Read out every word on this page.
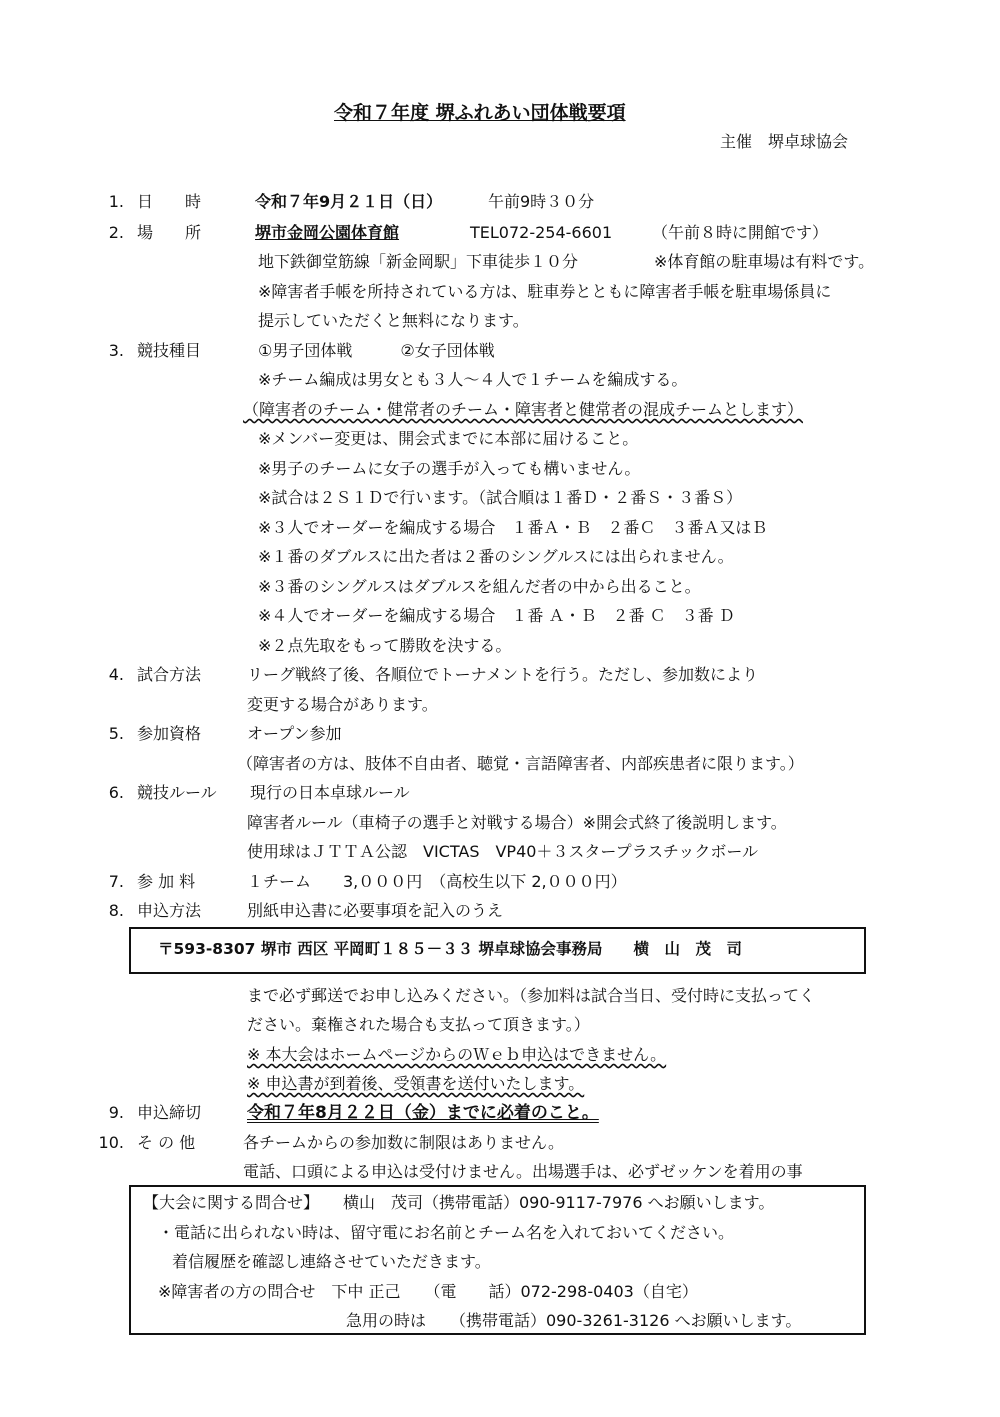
令和７年度 堺ふれあい団体戦要項
主催　堺卓球協会
1. 日　　時	令和７年9月２１日（日）	午前9時３０分
2. 場　　所	堺市金岡公園体育館	TEL072-254-6601 （午前８時に開館です）
地下鉄御堂筋線「新金岡駅」下車徒歩１０分	※体育館の駐車場は有料です。
※障害者手帳を所持されている方は、駐車券とともに障害者手帳を駐車場係員に
提示していただくと無料になります。
3. 競技種目	①男子団体戦　　　②女子団体戦
※チーム編成は男女とも３人～４人で１チームを編成する。
（障害者のチーム・健常者のチーム・障害者と健常者の混成チームとします）
※メンバー変更は、開会式までに本部に届けること。
※男子のチームに女子の選手が入っても構いません。
※試合は２Ｓ１Ｄで行います。（試合順は１番Ｄ・２番Ｓ・３番Ｓ）
※３人でオーダーを編成する場合　１番Ａ・Ｂ　２番Ｃ　３番Ａ又はＢ
※１番のダブルスに出た者は２番のシングルスには出られません。
※３番のシングルスはダブルスを組んだ者の中から出ること。
※４人でオーダーを編成する場合　１番 Ａ・Ｂ　２番 Ｃ　３番 Ｄ
※２点先取をもって勝敗を決する。
4. 試合方法	リーグ戦終了後、各順位でトーナメントを行う。ただし、参加数により
変更する場合があります。
5. 参加資格	オープン参加
（障害者の方は、肢体不自由者、聴覚・言語障害者、内部疾患者に限ります。）
6. 競技ルール 現行の日本卓球ルール
障害者ルール（車椅子の選手と対戦する場合）※開会式終了後説明します。
使用球はＪＴＴＡ公認　VICTAS　VP40＋３スタープラスチックボール
7. 参 加 料	１チーム　　3,０００円　（高校生以下 2,０００円）
8. 申込方法	別紙申込書に必要事項を記入のうえ
〒593-8307 堺市 西区 平岡町１８５－３３ 堺卓球協会事務局　　横　山　茂　司
まで必ず郵送でお申し込みください。（参加料は試合当日、受付時に支払ってく
ださい。棄権された場合も支払って頂きます。）
※ 本大会はホームページからのＷｅｂ申込はできません。
※ 申込書が到着後、受領書を送付いたします。
9. 申込締切	令和７年8月２２日（金）までに必着のこと。
10. そ の 他	各チームからの参加数に制限はありません。
電話、口頭による申込は受付けません。出場選手は、必ずゼッケンを着用の事
【大会に関する問合せ】　　横山　茂司（携帯電話）090-9117-7976 へお願いします。
・電話に出られない時は、留守電にお名前とチーム名を入れておいてください。
着信履歴を確認し連絡させていただきます。
※障害者の方の問合せ　下中 正己　　（電　　話）072-298-0403（自宅）
急用の時は　　（携帯電話）090-3261-3126 へお願いします。
